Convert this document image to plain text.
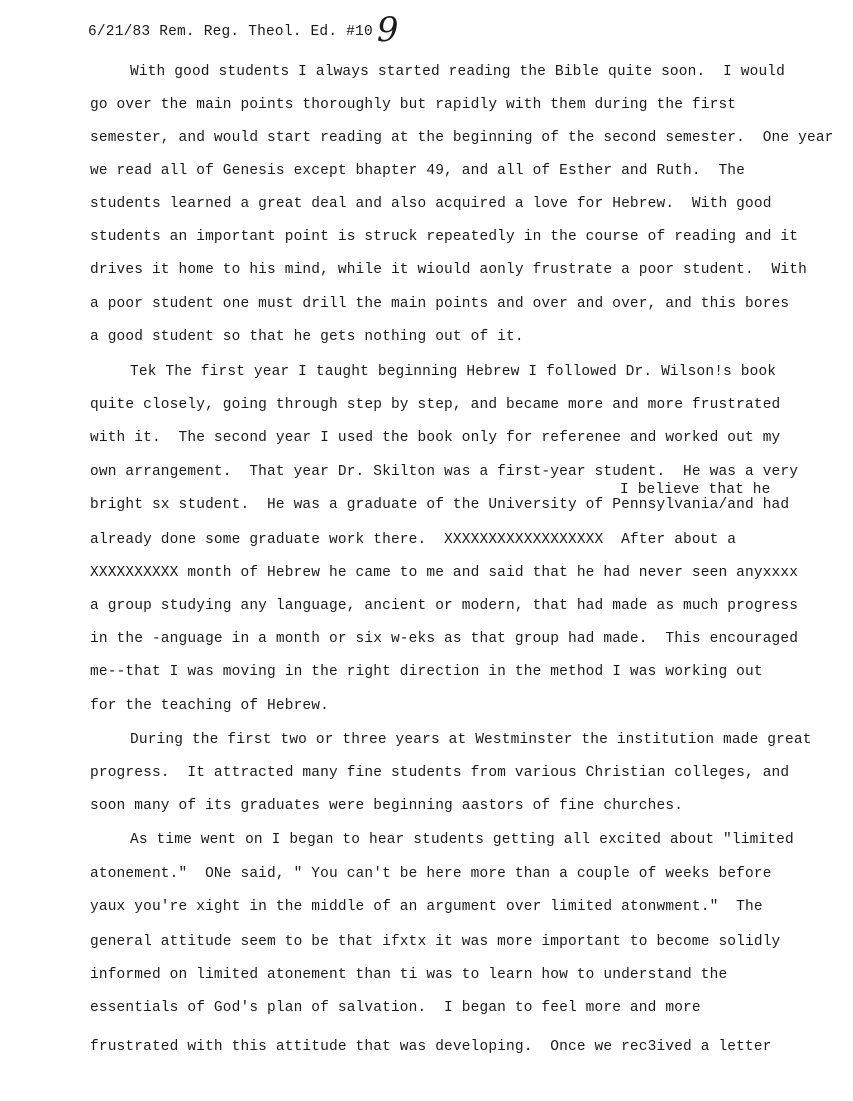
6/21/83 Rem. Reg. Theol. Ed. #10 9
With good students I always started reading the Bible quite soon.  I would
go over the main points thoroughly but rapidly with them during the first
semester, and would start reading at the beginning of the second semester.  One year
we read all of Genesis except bhapter 49, and all of Esther and Ruth.  The
students learned a great deal and also acquired a love for Hebrew.  With good
students an important point is struck repeatedly in the course of reading and it
drives it home to his mind, while it wiould aonly frustrate a poor student.  With
a poor student one must drill the main points and over and over, and this bores
a good student so that he gets nothing out of it.
Tek The first year I taught beginning Hebrew I followed Dr. Wilson!s book
quite closely, going through step by step, and became more and more frustrated
with it.  The second year I used the book only for referenee and worked out my
own arrangement.  That year Dr. Skilton was a first-year student.  He was a very
I believe that he
bright sx student.  He was a graduate of the University of Pennsylvania/and had
already done some graduate work there.  XXXXXXXXXXXXXXXXXX  After about a
XXXXXXXXXX month of Hebrew he came to me and said that he had never seen anyxxxx
a group studying any language, ancient or modern, that had made as much progress
in the -anguage in a month or six w-eks as that group had made.  This encouraged
me--that I was moving in the right direction in the method I was working out
for the teaching of Hebrew.
During the first two or three years at Westminster the institution made great
progress.  It attracted many fine students from various Christian colleges, and
soon many of its graduates were beginning aastors of fine churches.
As time went on I began to hear students getting all excited about "limited
atonement."  ONe said, " You can't be here more than a couple of weeks before
yaux you're xight in the middle of an argument over limited atonwment."  The
general attitude seem to be that ifxtx it was more important to become solidly
informed on limited atonement than ti was to learn how to understand the
essentials of God's plan of salvation.  I began to feel more and more
frustrated with this attitude that was developing.  Once we rec3ived a letter
